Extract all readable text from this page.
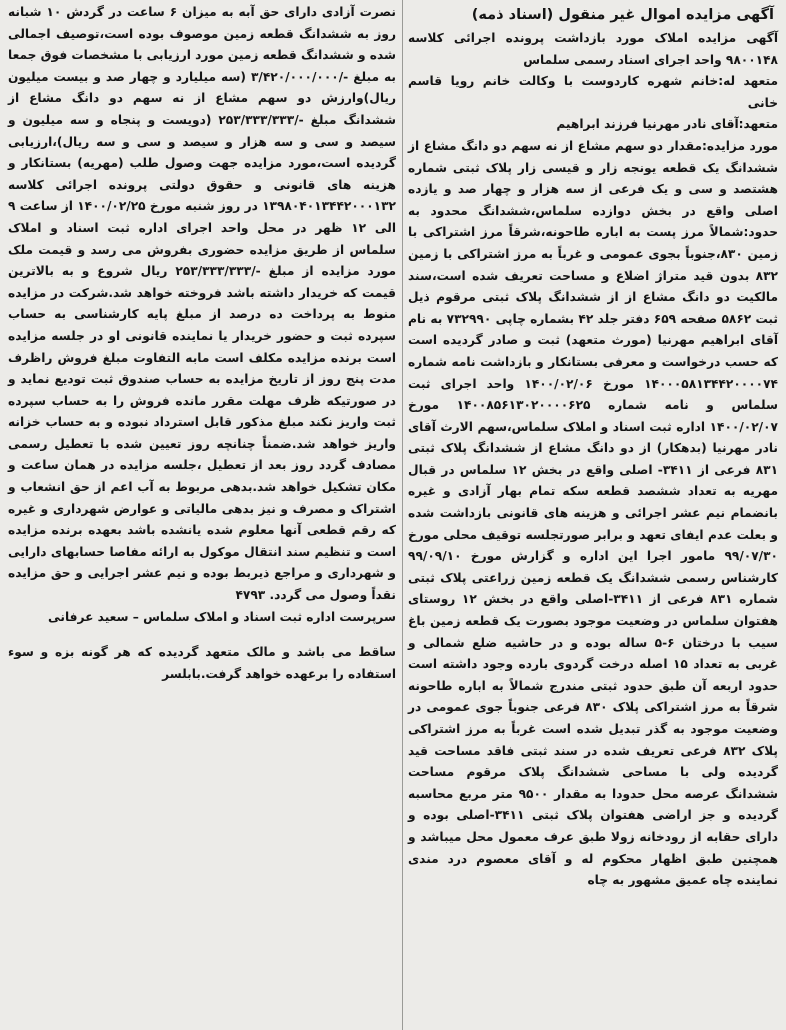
آگهی مزایده اموال غیر منقول (اسناد ذمه)

آگهی مزایده املاک مورد بازداشت پرونده اجرائی کلاسه ۹۸۰۰۱۴۸ واحد اجرای اسناد رسمی سلماس

متعهد له:خانم شهره کاردوست با وکالت خانم رویا قاسم خانی

متعهد:آقای نادر مهرنیا فرزند ابراهیم

مورد مزایده:مقدار دو سهم مشاع از نه سهم دو دانگ مشاع از ششدانگ یک قطعه یونجه زار و قیسی زار پلاک ثبتی شماره هشتصد و سی و یک فرعی از سه هزار و چهار صد و یازده اصلی واقع در بخش دوازده سلماس،ششدانگ محدود به حدود:شمالاً مرز پست به اباره طاحونه،شرقاً مرز اشتراکی با زمین ۸۳۰،جنوباً بجوی عمومی و غرباً به مرز اشتراکی با زمین ۸۳۲ بدون قید متراژ اضلاع و مساحت تعریف شده است،سند مالکیت دو دانگ مشاع از از ششدانگ پلاک ثبتی مرقوم ذیل ثبت ۵۸۶۲ صفحه ۶۵۹ دفتر جلد ۴۲ بشماره چاپی ۷۳۲۹۹۰ به نام آقای ابراهیم مهرنیا (مورث متعهد) ثبت و صادر گردیده است که حسب درخواست و معرفی بستانکار و بازداشت نامه شماره ۱۴۰۰۰۵۸۱۳۴۴۲۰۰۰۰۷۴ مورخ ۱۴۰۰/۰۲/۰۶ واحد اجرای ثبت سلماس و نامه شماره ۱۴۰۰۸۵۶۱۳۰۲۰۰۰۰۶۲۵ مورخ ۱۴۰۰/۰۲/۰۷ اداره ثبت اسناد و املاک سلماس،سهم الارث آقای نادر مهرنیا (بدهکار) از دو دانگ مشاع از ششدانگ پلاک ثبتی ۸۳۱ فرعی از ۳۴۱۱- اصلی واقع در بخش ۱۲ سلماس در قبال مهریه به تعداد ششصد قطعه سکه تمام بهار آزادی و غیره بانضمام نیم عشر اجرائی و هزینه های قانونی بازداشت شده و بعلت عدم ایفای تعهد و برابر صورتجلسه توقیف محلی مورخ ۹۹/۰۷/۳۰ مامور اجرا این اداره و گزارش مورخ ۹۹/۰۹/۱۰ کارشناس رسمی ششدانگ یک قطعه زمین زراعتی پلاک ثبتی شماره ۸۳۱ فرعی از ۳۴۱۱-اصلی واقع در بخش ۱۲ روستای هفتوان سلماس در وضعیت موجود بصورت یک قطعه زمین باغ سیب با درختان ۶-۵ ساله بوده و در حاشیه ضلع شمالی و غربی به تعداد ۱۵ اصله درخت گردوی بارده وجود داشته است حدود اربعه آن طبق حدود ثبتی مندرج شمالاً به اباره طاحونه شرقاً به مرز اشتراکی پلاک ۸۳۰ فرعی جنوباً جوی عمومی در وضعیت موجود به گذر تبدیل شده است غرباً به مرز اشتراکی پلاک ۸۳۲ فرعی تعریف شده در سند ثبتی فاقد مساحت قید گردیده ولی با مساحی ششدانگ پلاک مرقوم مساحت ششدانگ عرصه محل حدودا به مقدار ۹۵۰۰ متر مربع محاسبه گردیده و جز اراضی هفتوان پلاک ثبتی ۳۴۱۱-اصلی بوده و دارای حقابه از رودخانه زولا طبق عرف معمول محل میباشد و همچنین طبق اظهار محکوم له و آقای معصوم درد مندی نماینده چاه عمیق مشهور به چاه

نصرت آزادی دارای حق آبه به میزان ۶ ساعت در گردش ۱۰ شبانه روز به ششدانگ قطعه زمین موصوف بوده است،توصیف اجمالی شده و ششدانگ قطعه زمین مورد ارزیابی با مشخصات فوق جمعا به مبلغ -/۳/۴۲۰/۰۰۰/۰۰۰ (سه میلیارد و چهار صد و بیست میلیون ریال)وارزش دو سهم مشاع از نه سهم دو دانگ مشاع از ششدانگ مبلغ -/۲۵۳/۳۳۳/۳۳۳ (دویست و پنجاه و سه میلیون و سیصد و سی و سه هزار و سیصد و سی و سه ریال)،ارزیابی گردیده است،مورد مزایده جهت وصول طلب (مهریه) بستانکار و هزینه های قانونی و حقوق دولتی پرونده اجرائی کلاسه ۱۳۹۸۰۴۰۱۳۴۴۲۰۰۰۱۳۲ در روز شنبه مورخ ۱۴۰۰/۰۲/۲۵ از ساعت ۹ الی ۱۲ ظهر در محل واحد اجرای اداره ثبت اسناد و املاک سلماس از طریق مزایده حضوری بفروش می رسد و قیمت ملک مورد مزایده از مبلغ -/۲۵۳/۳۳۳/۳۳۳ ریال شروع و به بالاترین قیمت که خریدار داشته باشد فروخته خواهد شد.شرکت در مزایده منوط به پرداخت ده درصد از مبلغ پایه کارشناسی به حساب سپرده ثبت و حضور خریدار یا نماینده قانونی او در جلسه مزایده است برنده مزایده مکلف است مابه التفاوت مبلغ فروش راظرف مدت پنج روز از تاریخ مزایده به حساب صندوق ثبت تودیع نماید و در صورتیکه ظرف مهلت مقرر مانده فروش را به حساب سپرده ثبت واریز نکند مبلغ مذکور قابل استرداد نبوده و به حساب خزانه واریز خواهد شد.ضمناً چنانچه روز تعیین شده با تعطیل رسمی مصادف گردد روز بعد از تعطیل ،جلسه مزایده در همان ساعت و مکان تشکیل خواهد شد.بدهی مربوط به آب اعم از حق انشعاب و اشتراک و مصرف و نیز بدهی مالیاتی و عوارض شهرداری و غیره که رقم قطعی آنها معلوم شده یانشده باشد بعهده برنده مزایده است و تنظیم سند انتقال موکول به ارائه مفاصا حسابهای دارایی و شهرداری و مراجع ذیربط بوده و نیم عشر اجرایی و حق مزایده نقداً وصول می گردد. ۴۷۹۳

سرپرست اداره ثبت اسناد و املاک سلماس – سعید عرفانی

ساقط می باشد و مالک متعهد گردیده که هر گونه بزه و سوء استفاده را برعهده خواهد گرفت.بابلسر
